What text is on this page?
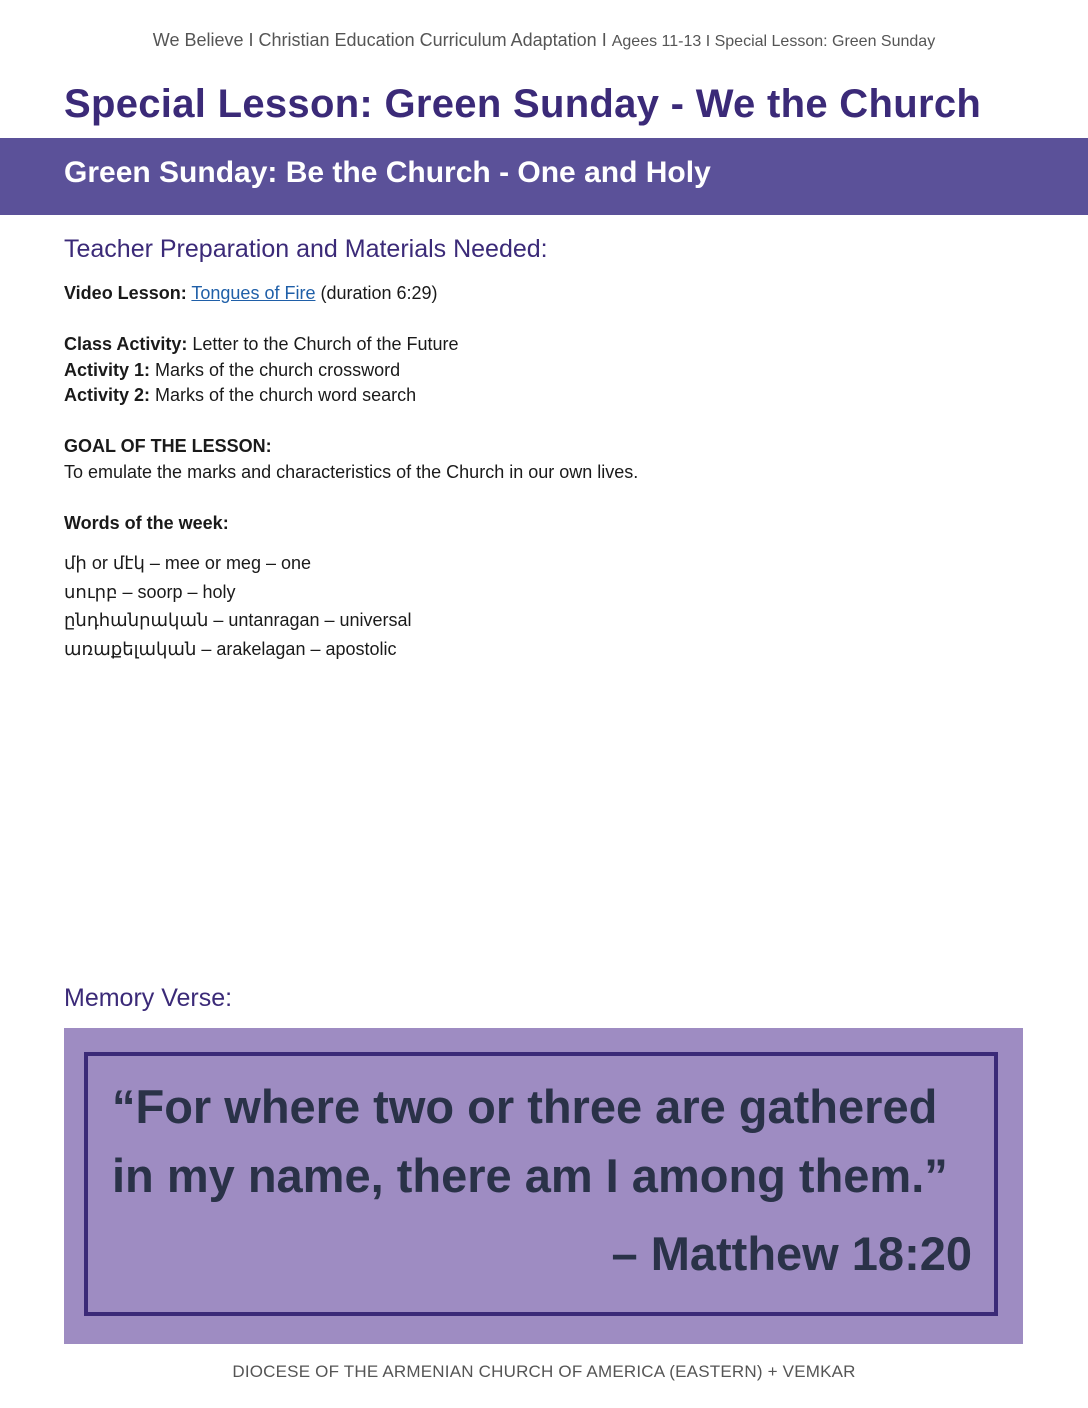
We Believe I Christian Education Curriculum Adaptation I Agees 11-13 I Special Lesson: Green Sunday
Special Lesson: Green Sunday - We the Church
Green Sunday: Be the Church - One and Holy
Teacher Preparation and Materials Needed:
Video Lesson: Tongues of Fire (duration 6:29)
Class Activity: Letter to the Church of the Future
Activity 1: Marks of the church crossword
Activity 2: Marks of the church word search
GOAL OF THE LESSON:
To emulate the marks and characteristics of the Church in our own lives.
Words of the week:
մի or մէկ – mee or meg – one
սուրբ – soorp – holy
ընդհանրական – untanragan – universal
առաքելական – arakelagan – apostolic
Memory Verse:
“For where two or three are gathered in my name, there am I among them.”
– Matthew 18:20
DIOCESE OF THE ARMENIAN CHURCH OF AMERICA (EASTERN) + VEMKAR
